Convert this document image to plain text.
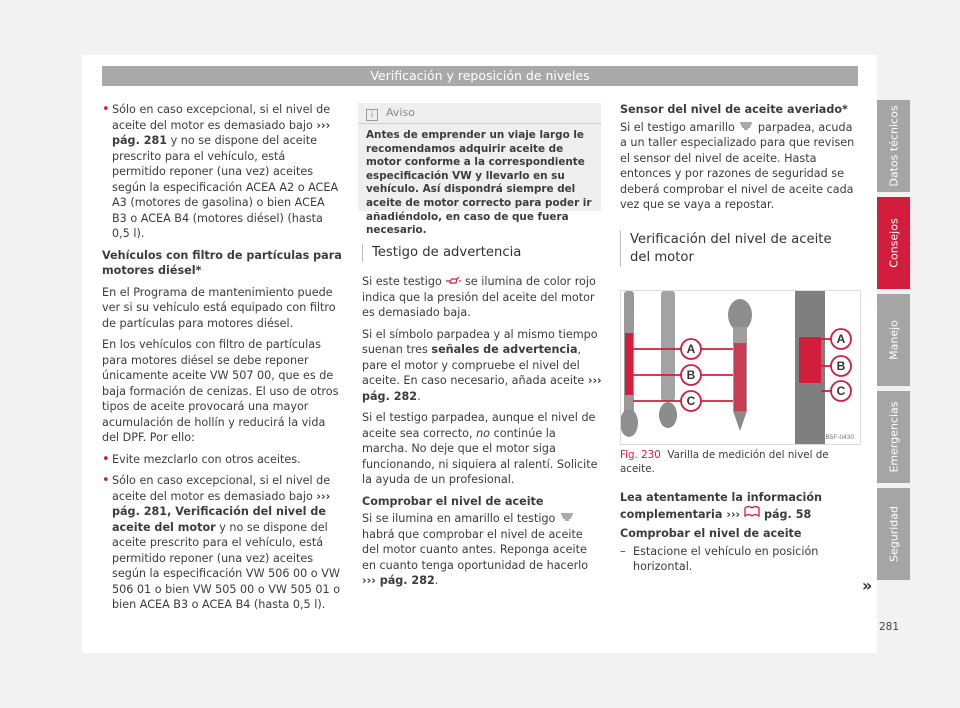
Verificación y reposición de niveles
• Sólo en caso excepcional, si el nivel de aceite del motor es demasiado bajo ››› pág. 281 y no se dispone del aceite prescrito para el vehículo, está permitido reponer (una vez) aceites según la especificación ACEA A2 o ACEA A3 (motores de gasolina) o bien ACEA B3 o ACEA B4 (motores diésel) (hasta 0,5 l).

Vehículos con filtro de partículas para motores diésel*

En el Programa de mantenimiento puede ver si su vehículo está equipado con filtro de partículas para motores diésel.

En los vehículos con filtro de partículas para motores diésel se debe reponer únicamente aceite VW 507 00, que es de baja formación de cenizas. El uso de otros tipos de aceite provocará una mayor acumulación de hollín y reducirá la vida del DPF. Por ello:

• Evite mezclarlo con otros aceites.
• Sólo en caso excepcional, si el nivel de aceite del motor es demasiado bajo ››› pág. 281, Verificación del nivel de aceite del motor y no se dispone del aceite prescrito para el vehículo, está permitido reponer (una vez) aceites según la especificación VW 506 00 o VW 506 01 o bien VW 505 00 o VW 505 01 o bien ACEA B3 o ACEA B4 (hasta 0,5 l).
i Aviso
Antes de emprender un viaje largo le recomendamos adquirir aceite de motor conforme a la correspondiente especificación VW y llevarlo en su vehículo. Así dispondrá siempre del aceite de motor correcto para poder ir añadiéndolo, en caso de que fuera necesario.
Testigo de advertencia

Si este testigo  se ilumina de color rojo indica que la presión del aceite del motor es demasiado baja.

Si el símbolo parpadea y al mismo tiempo suenan tres señales de advertencia, pare el motor y compruebe el nivel del aceite. En caso necesario, añada aceite ››› pág. 282.

Si el testigo parpadea, aunque el nivel de aceite sea correcto, no continúe la marcha. No deje que el motor siga funcionando, ni siquiera al ralentí. Solicite la ayuda de un profesional.

Comprobar el nivel de aceite

Si se ilumina en amarillo el testigo  habrá que comprobar el nivel de aceite del motor cuanto antes. Reponga aceite en cuanto tenga oportunidad de hacerlo ››› pág. 282.

Sensor del nivel de aceite averiado*

Si el testigo amarillo  parpadea, acuda a un taller especializado para que revisen el sensor del nivel de aceite. Hasta entonces y por razones de seguridad se deberá comprobar el nivel de aceite cada vez que se vaya a repostar.

Verificación del nivel de aceite del motor
A
B
C
A
B
C
B5F-0430
Fig. 230 Varilla de medición del nivel de aceite.

Lea atentamente la información complementaria ››› pág. 58

Comprobar el nivel de aceite

– Estacione el vehículo en posición horizontal.
»
Datos técnicos
Consejos
Manejo
Emergencias
Seguridad
281
